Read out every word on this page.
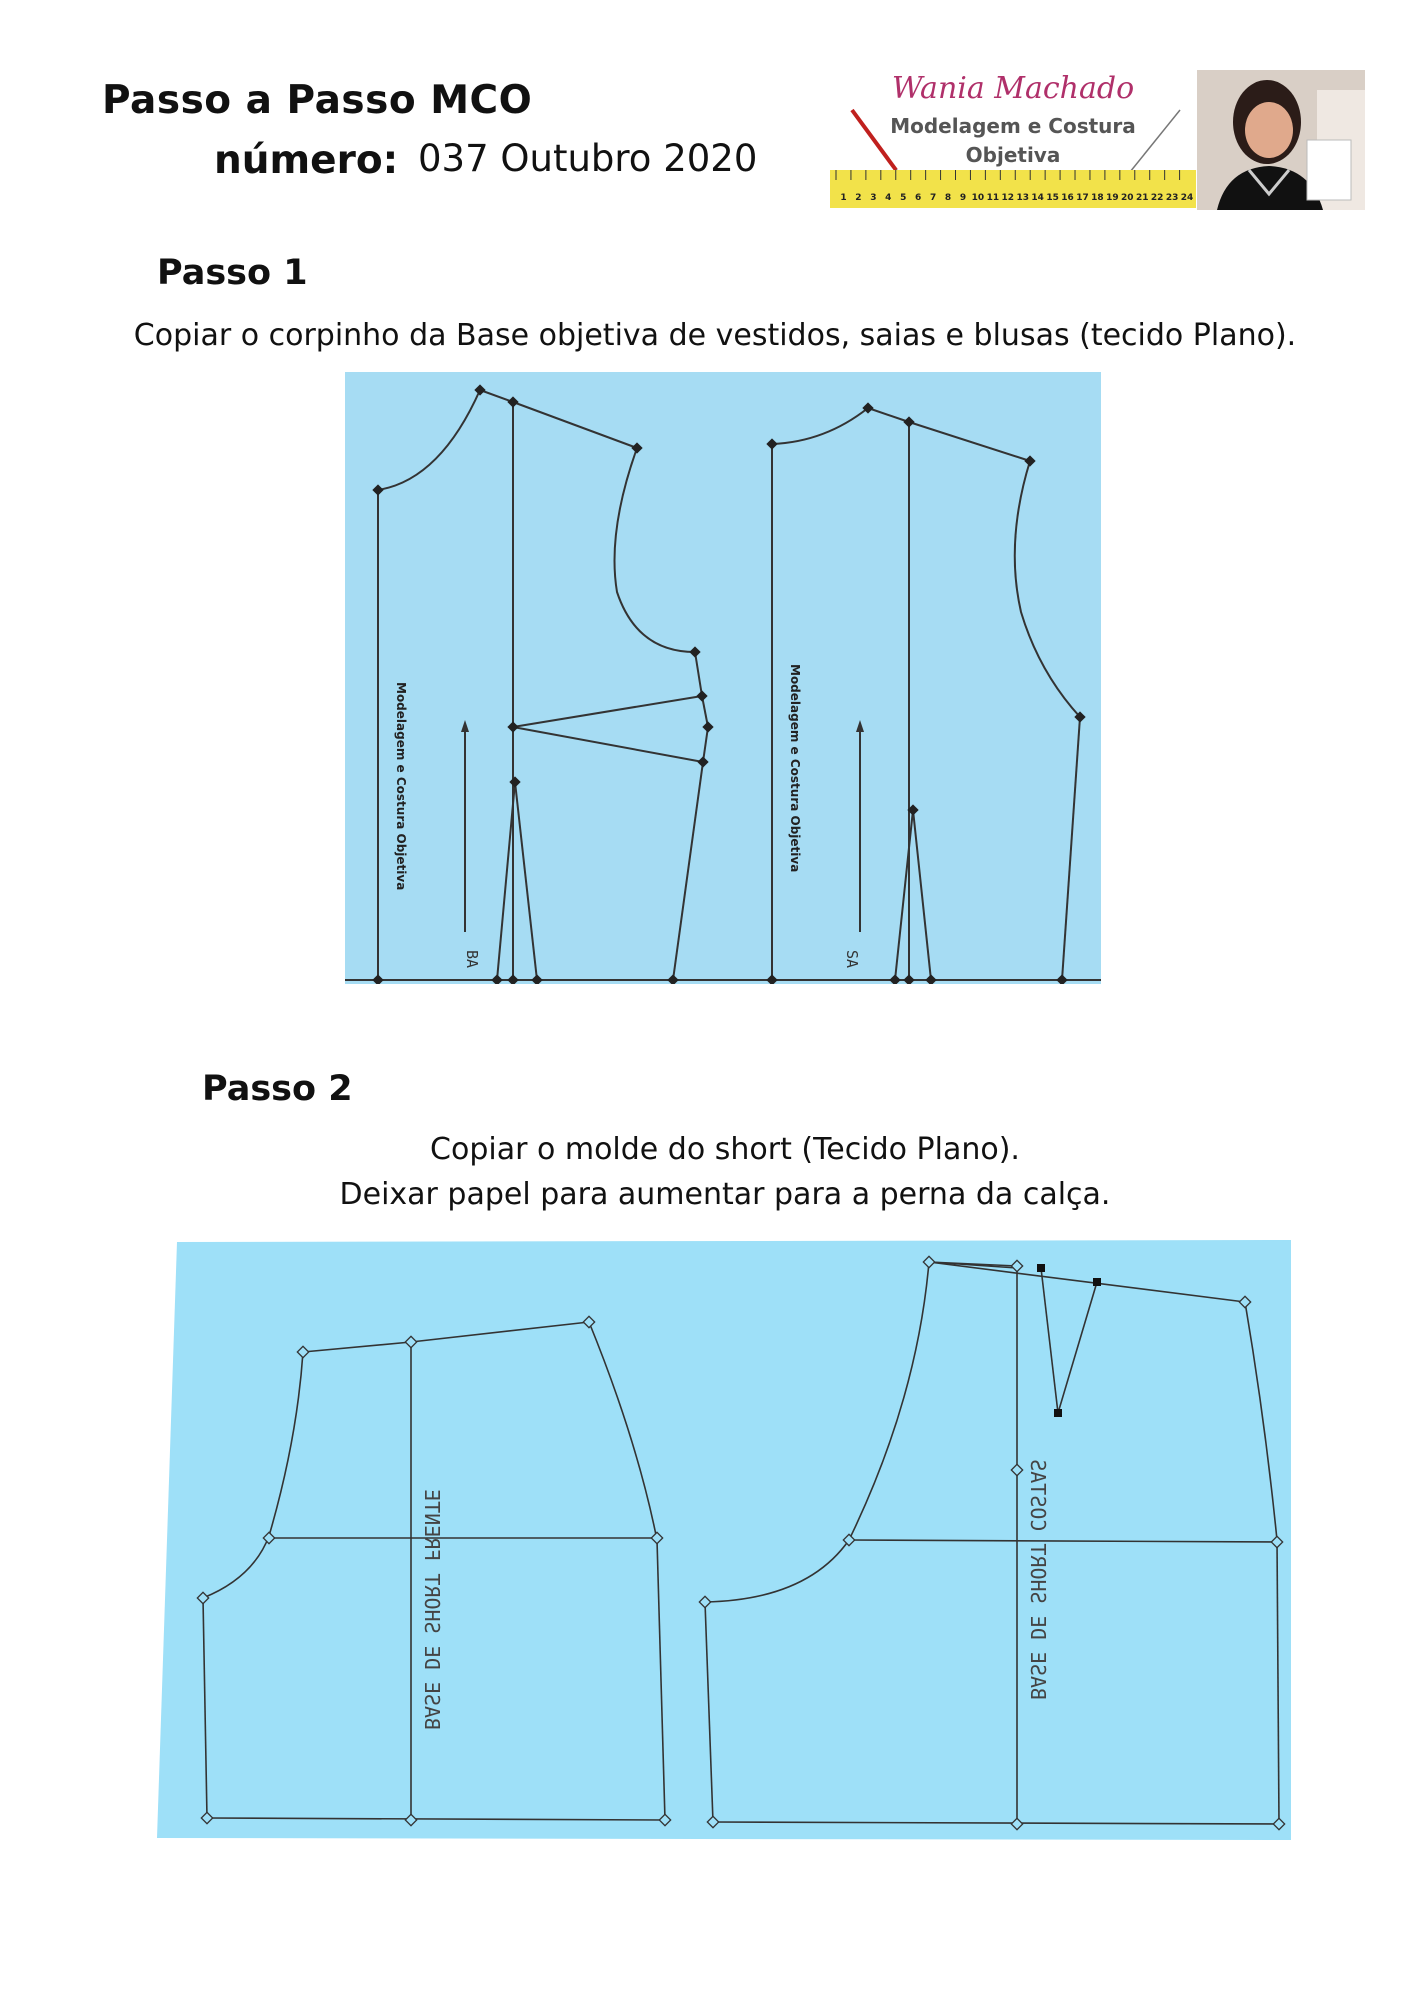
Passo a Passo MCO
número: 037 Outubro 2020
Wania Machado
Modelagem e Costura
Objetiva
1 2 3 4 5 6 7 8 9 10 11 12 13 14 15 16 17 18 19 20 21 22 23 24
Passo 1
Copiar o corpinho da Base objetiva de vestidos, saias e blusas (tecido Plano).
Modelagem e Costura Objetiva	Modelagem e Costura Objetiva
BA	SA
Passo 2
Copiar o molde do short (Tecido Plano).
Deixar papel para aumentar para a perna da calça.
BASE DE SHORT FRENTE	BASE DE SHORT COSTAS
